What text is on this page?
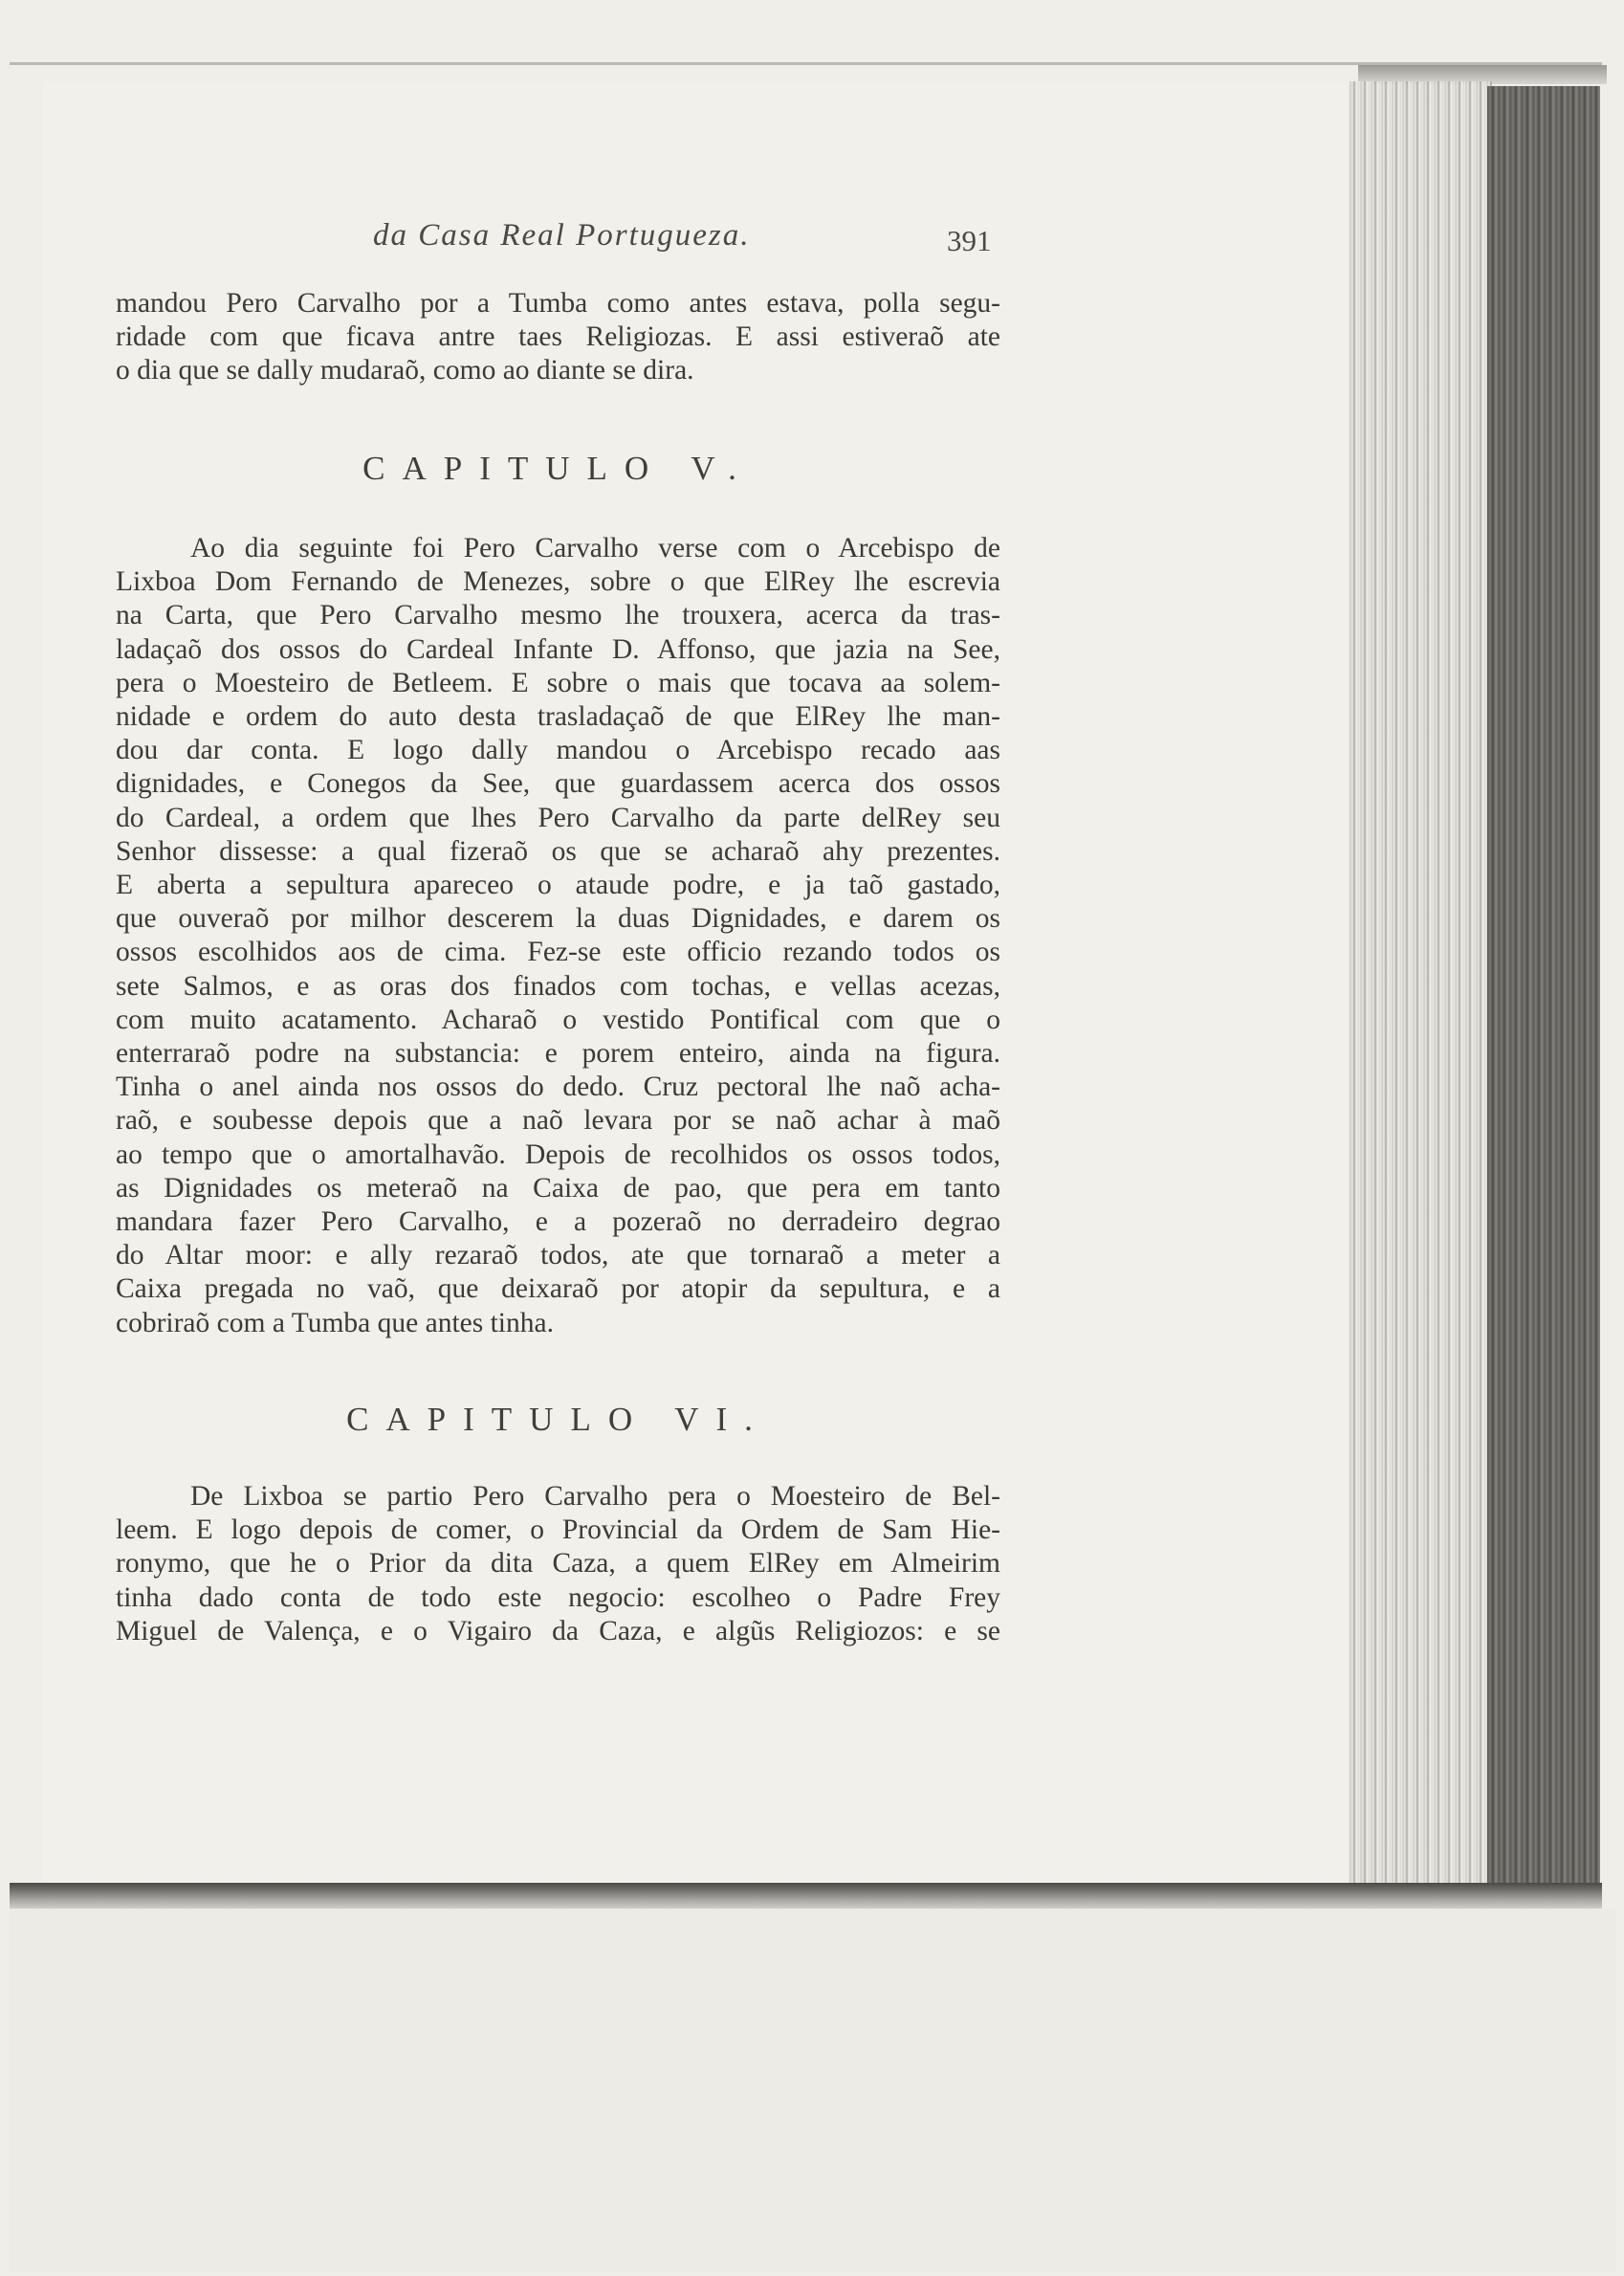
da Casa Real Portugueza.	391
mandou Pero Carvalho por a Tumba como antes estava, polla segu-
ridade com que ficava antre taes Religiozas. E assi estiveraõ ate
o dia que se dally mudaraõ, como ao diante se dira.
CAPITULO V.
Ao dia seguinte foi Pero Carvalho verse com o Arcebispo de
Lixboa Dom Fernando de Menezes, sobre o que ElRey lhe escrevia
na Carta, que Pero Carvalho mesmo lhe trouxera, acerca da tras-
ladaçaõ dos ossos do Cardeal Infante D. Affonso, que jazia na See,
pera o Moesteiro de Betleem. E sobre o mais que tocava aa solem-
nidade e ordem do auto desta trasladaçaõ de que ElRey lhe man-
dou dar conta. E logo dally mandou o Arcebispo recado aas
dignidades, e Conegos da See, que guardassem acerca dos ossos
do Cardeal, a ordem que lhes Pero Carvalho da parte delRey seu
Senhor dissesse: a qual fizeraõ os que se acharaõ ahy prezentes.
E aberta a sepultura apareceo o ataude podre, e ja taõ gastado,
que ouveraõ por milhor descerem la duas Dignidades, e darem os
ossos escolhidos aos de cima. Fez-se este officio rezando todos os
sete Salmos, e as oras dos finados com tochas, e vellas acezas,
com muito acatamento. Acharaõ o vestido Pontifical com que o
enterraraõ podre na substancia: e porem enteiro, ainda na figura.
Tinha o anel ainda nos ossos do dedo. Cruz pectoral lhe naõ acha-
raõ, e soubesse depois que a naõ levara por se naõ achar à maõ
ao tempo que o amortalhavão. Depois de recolhidos os ossos todos,
as Dignidades os meteraõ na Caixa de pao, que pera em tanto
mandara fazer Pero Carvalho, e a pozeraõ no derradeiro degrao
do Altar moor: e ally rezaraõ todos, ate que tornaraõ a meter a
Caixa pregada no vaõ, que deixaraõ por atopir da sepultura, e a
cobriraõ com a Tumba que antes tinha.
CAPITULO VI.
De Lixboa se partio Pero Carvalho pera o Moesteiro de Bel-
leem. E logo depois de comer, o Provincial da Ordem de Sam Hie-
ronymo, que he o Prior da dita Caza, a quem ElRey em Almeirim
tinha dado conta de todo este negocio: escolheo o Padre Frey
Miguel de Valença, e o Vigairo da Caza, e algũs Religiozos: e se
